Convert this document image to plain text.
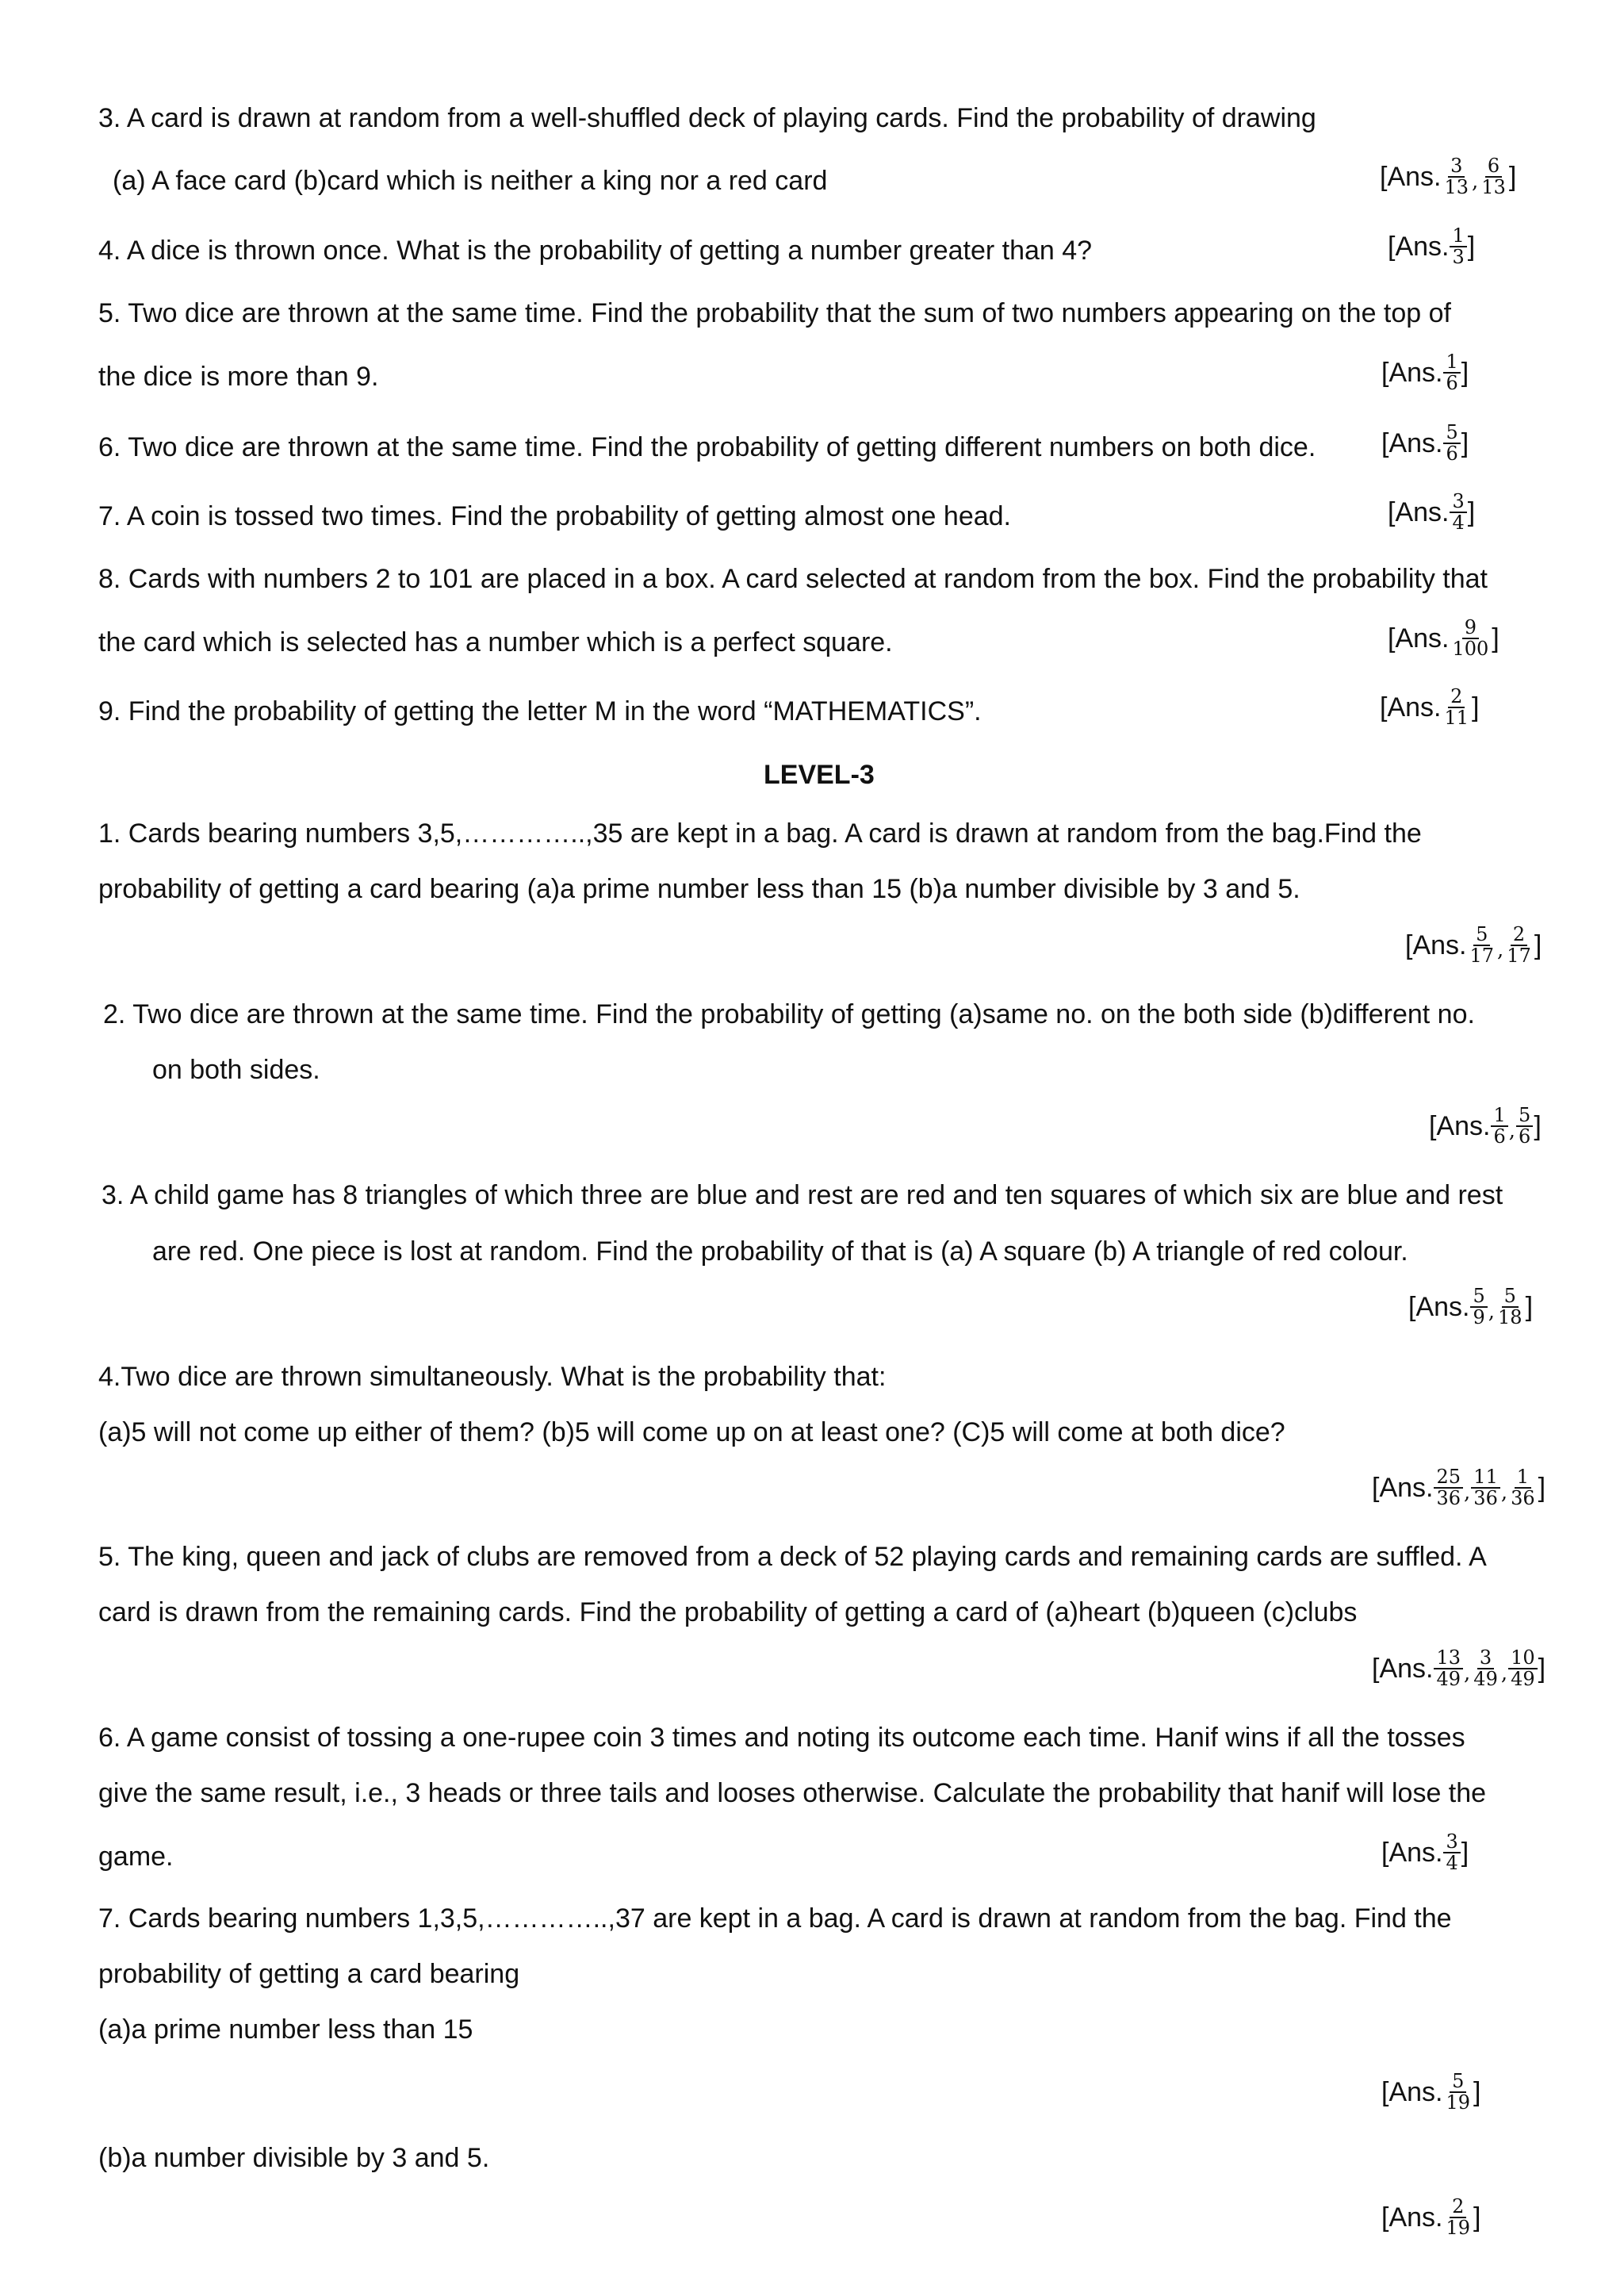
3. A card is drawn at random from a well-shuffled deck of playing cards. Find the probability of drawing
(a) A face card (b)card which is neither a king nor a red card
4. A dice is thrown once. What is the probability of getting a number greater than 4?
5. Two dice are thrown at the same time. Find the probability that the sum of two numbers appearing on the top of
the dice is more than 9.
6. Two dice are thrown at the same time. Find the probability of getting different numbers on both dice.
7. A coin is tossed two times. Find the probability of getting almost one head.
8. Cards with numbers 2 to 101 are placed in a box. A card selected at random from the box. Find the probability that
the card which is selected has a number which is a perfect square.
9. Find the probability of getting the letter M in the word “MATHEMATICS”.
LEVEL-3
1. Cards bearing numbers 3,5,…………..,35 are kept in a bag. A card is drawn at random from the bag.Find the
probability of getting a card bearing (a)a prime number less than 15 (b)a number divisible by 3 and 5.
2. Two dice are thrown at the same time. Find the probability of getting (a)same no. on the both side (b)different no.
on both sides.
3. A child game has 8 triangles of which three are blue and rest are red and ten squares of which six are blue and rest
are red. One piece is lost at random. Find the probability of that is (a) A square (b) A triangle of red colour.
4.Two dice are thrown simultaneously. What is the probability that:
(a)5 will not come up either of them? (b)5 will come up on at least one? (C)5 will come at both dice?
5. The king, queen and jack of clubs are removed from a deck of 52 playing cards and remaining cards are suffled. A
card is drawn from the remaining cards. Find the probability of getting a card of (a)heart (b)queen (c)clubs
6. A game consist of tossing a one-rupee coin 3 times and noting its outcome each time. Hanif wins if all the tosses
give the same result, i.e., 3 heads or three tails and looses otherwise. Calculate the probability that hanif will lose the
game.
7. Cards bearing numbers 1,3,5,…………..,37 are kept in a bag. A card is drawn at random from the bag. Find the
probability of getting a card bearing
(a)a prime number less than 15
(b)a number divisible by 3 and 5.
[Ans. $\frac{3}{13}$ , $\frac{6}{13}$ ]
[Ans. $\frac{1}{3}$ ]
[Ans. $\frac{1}{6}$ ]
[Ans. $\frac{5}{6}$ ]
[Ans. $\frac{3}{4}$ ]
[Ans. $\frac{9}{100}$ ]
[Ans. $\frac{2}{11}$ ]
[Ans. $\frac{5}{17}$ , $\frac{2}{17}$ ]
[Ans. $\frac{1}{6}$ , $\frac{5}{6}$ ]
[Ans. $\frac{5}{9}$ , $\frac{5}{18}$ ]
[Ans. $\frac{25}{36}$ , $\frac{11}{36}$ , $\frac{1}{36}$ ]
[Ans. $\frac{13}{49}$ , $\frac{3}{49}$ , $\frac{10}{49}$ ]
[Ans. $\frac{3}{4}$ ]
[Ans. $\frac{5}{19}$ ]
[Ans. $\frac{2}{19}$ ]
